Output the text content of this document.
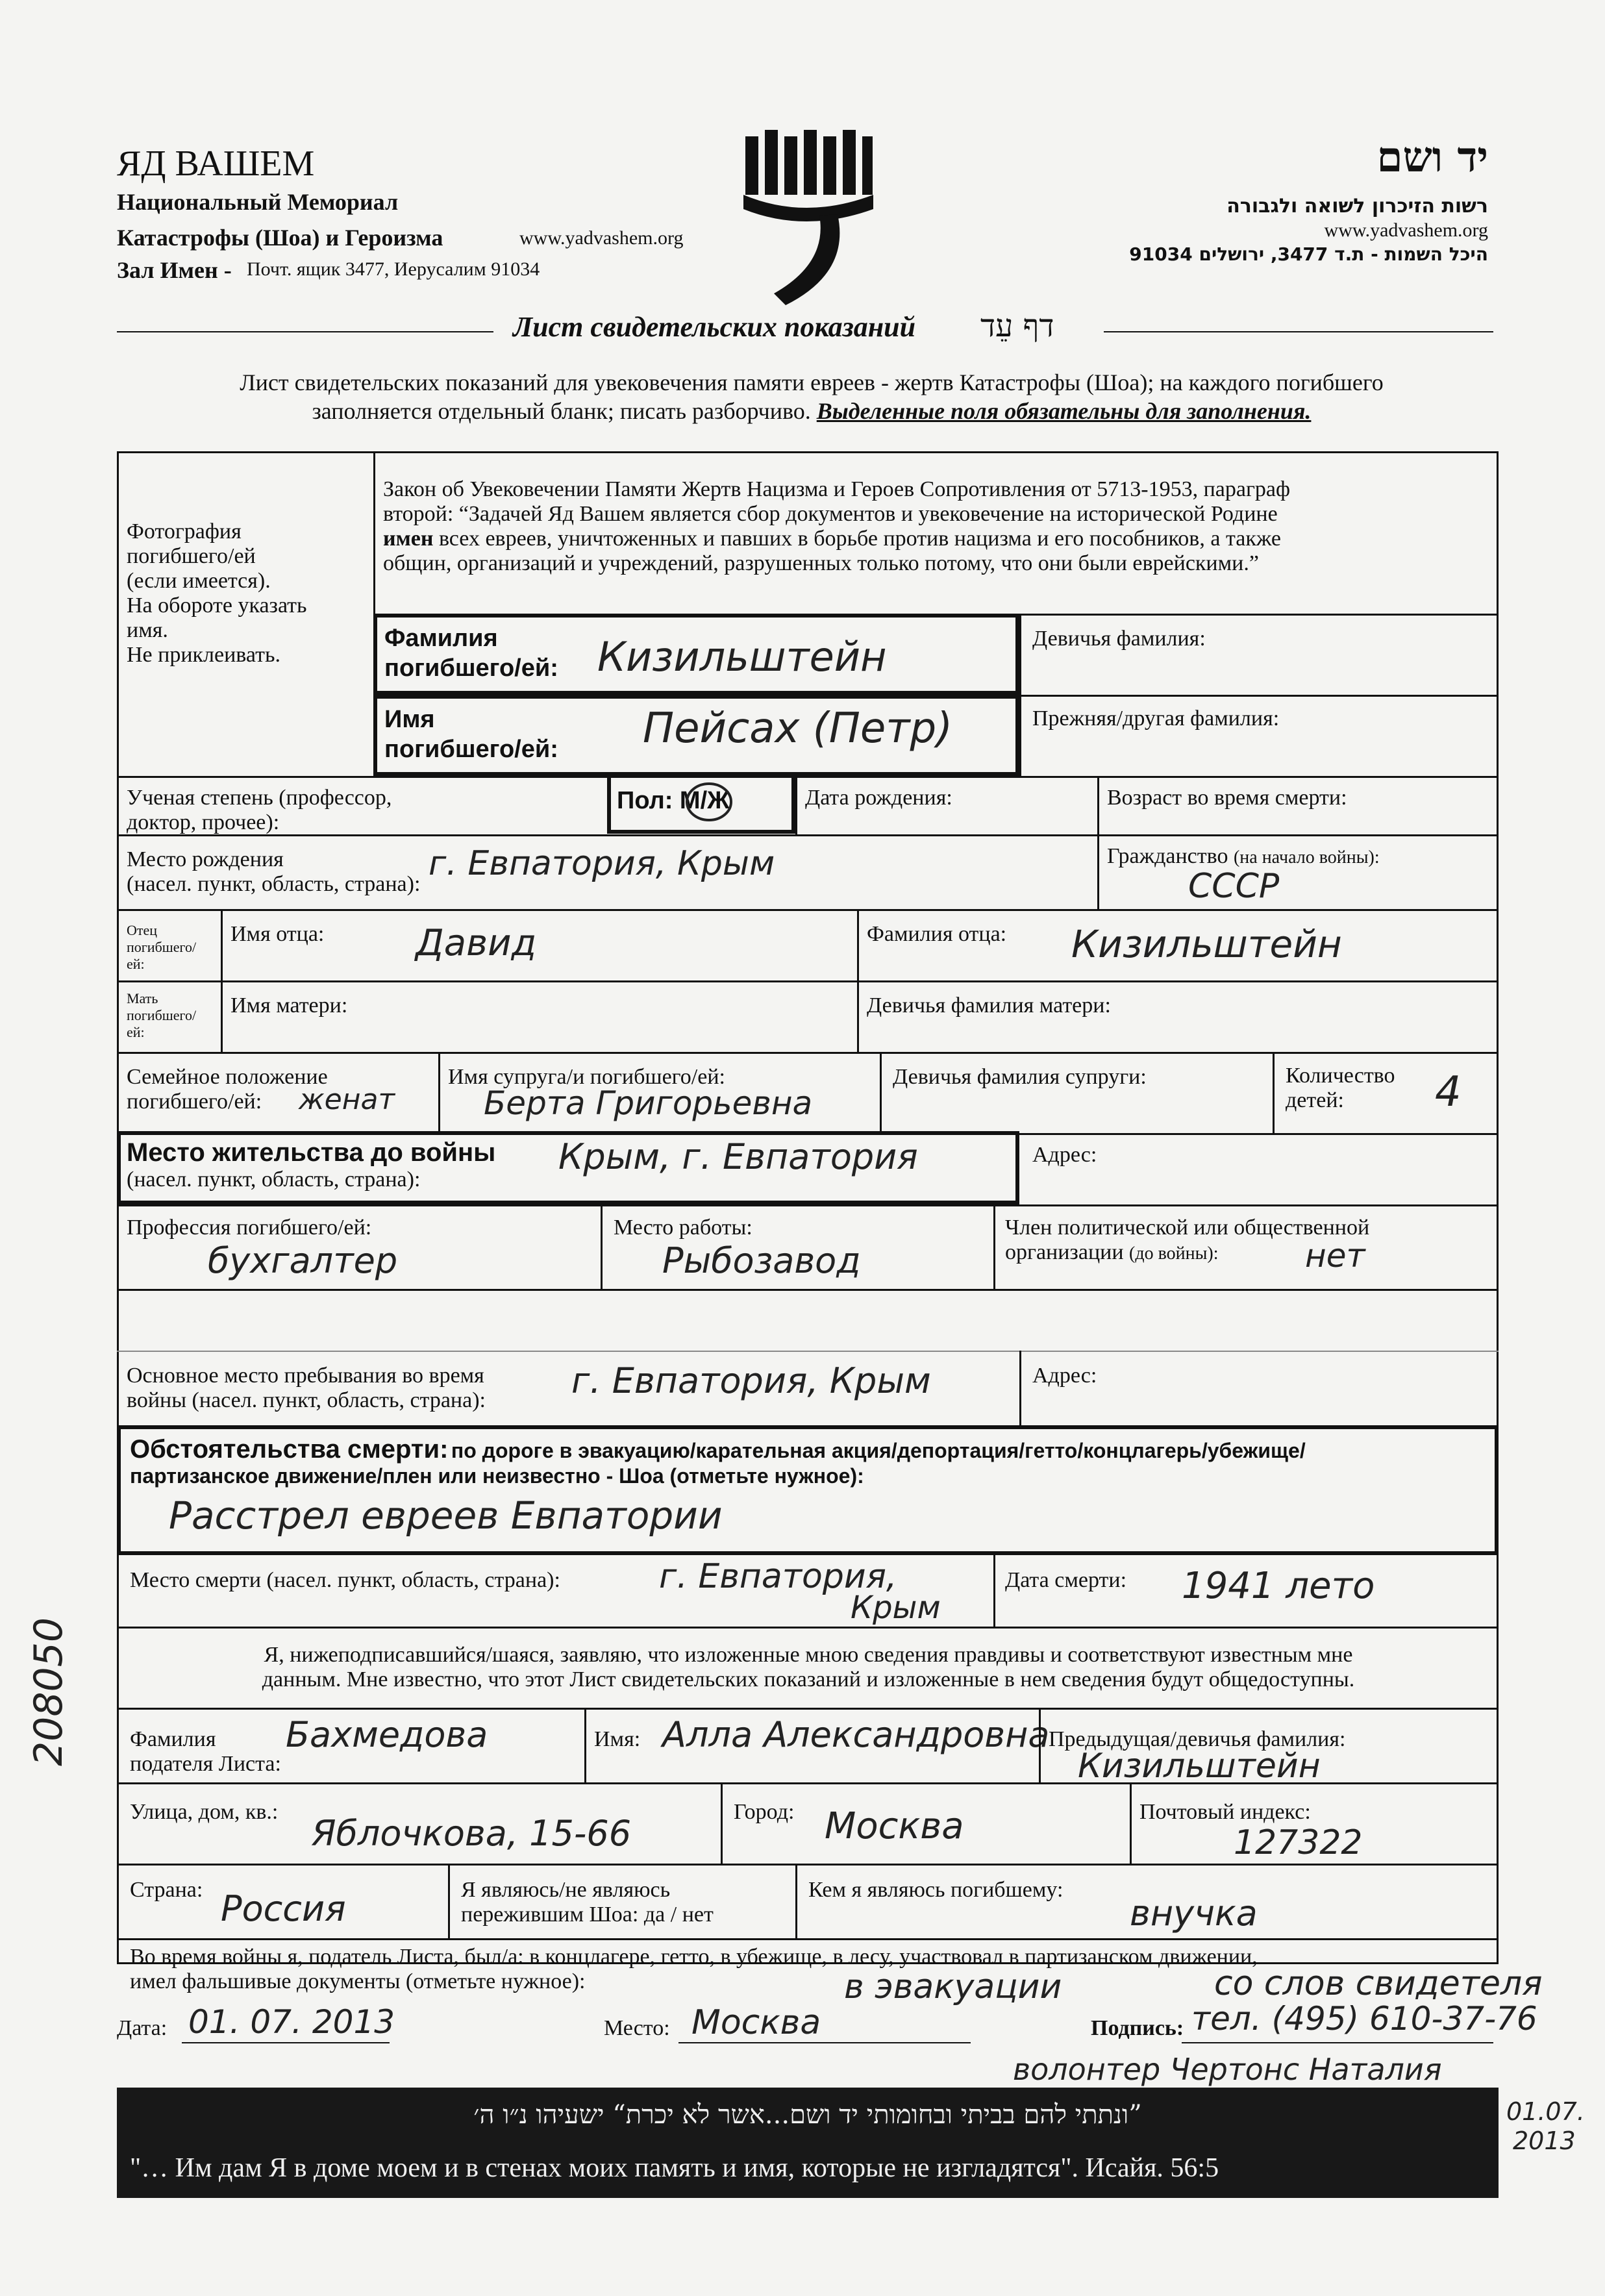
ЯД ВАШЕМ
Национальный Мемориал
Катастрофы (Шоа) и Героизма	www.yadvashem.org
Зал Имен - Почт. ящик 3477, Иерусалим 91034
יד ושם
רשות הזיכרון לשואה ולגבורה
www.yadvashem.org
היכל השמות - ת.ד 3477, ירושלים 91034
Лист свидетельских показаний דף עֵד
Лист свидетельских показаний для увековечения памяти евреев - жертв Катастрофы (Шоа); на каждого погибшего
заполняется отдельный бланк; писать разборчиво. Выделенные поля обязательны для заполнения.
Фотография
погибшего/ей
(если имеется).
На обороте указать
имя.
Не приклеивать.
Закон об Увековечении Памяти Жертв Нацизма и Героев Сопротивления от 5713-1953, параграф
второй: “Задачей Яд Вашем является сбор документов и увековечение на исторической Родине
имен всех евреев, уничтоженных и павших в борьбе против нацизма и его пособников, а также
общин, организаций и учреждений, разрушенных только потому, что они были еврейскими.”
Фамилия
погибшего/ей: Кизильштейн	Девичья фамилия:
Имя
погибшего/ей: Пейсах (Петр)	Прежняя/другая фамилия:
Ученая степень (профессор,
доктор, прочее):
Пол: М/Ж	Дата рождения:	Возраст во время смерти:
Место рождения
(насел. пункт, область, страна):
г. Евпатория, Крым	Гражданство (на начало войны):
СССР
Отец
погибшего/
ей:
Имя отца:	Давид	Фамилия отца: Кизильштейн
Мать
погибшего/
ей:
Имя матери:	Девичья фамилия матери:
Семейное положение
погибшего/ей:	женат
Имя супруга/и погибшего/ей:
Берта Григорьевна
Девичья фамилия супруги:	Количество
детей:	4
Место жительства до войны
(насел. пункт, область, страна):
Крым, г. Евпатория	Адрес:
Профессия погибшего/ей:
бухгалтер
Место работы:
Рыбозавод
Член политической или общественной
организации (до войны):	нет
Основное место пребывания во время
войны (насел. пункт, область, страна): г. Евпатория, Крым	Адрес:
Обстоятельства смерти: по дороге в эвакуацию/карательная акция/депортация/гетто/концлагерь/убежище/
партизанское движение/плен или неизвестно - Шоа (отметьте нужное):
Расстрел евреев Евпатории
Место смерти (насел. пункт, область, страна):	г. Евпатория,
Крым
Дата смерти: 1941 лето
Я, нижеподписавшийся/шаяся, заявляю, что изложенные мною сведения правдивы и соответствуют известным мне
данным. Мне известно, что этот Лист свидетельских показаний и изложенные в нем сведения будут общедоступны.
Фамилия
подателя Листа:
Бахмедова	Имя: Алла Александровна
Предыдущая/девичья фамилия:
Кизильштейн
Улица, дом, кв.:
Яблочкова, 15-66
Город: Москва	Почтовый индекс:
127322
Страна: Россия	Я являюсь/не являюсь
пережившим Шоа: да / нет
Кем я являюсь погибшему:
внучка
Во время войны я, податель Листа, был/а: в концлагере, гетто, в убежище, в лесу, участвовал в партизанском движении,
имел фальшивые документы (отметьте нужное):	в эвакуации	со слов свидетеля
Дата: 01. 07. 2013	Место: Москва	Подпись: тел. (495) 610-37-76
волонтер Чертонс Наталия
208050
”ונתתי להם בביתי ובחומותי יד ושם...אשר לא יכרת“ ישעיהו נ״ו ה׳
"… Им дам Я в доме моем и в стенах моих память и имя, которые не изгладятся". Исайя. 56:5
01.07.
2013
